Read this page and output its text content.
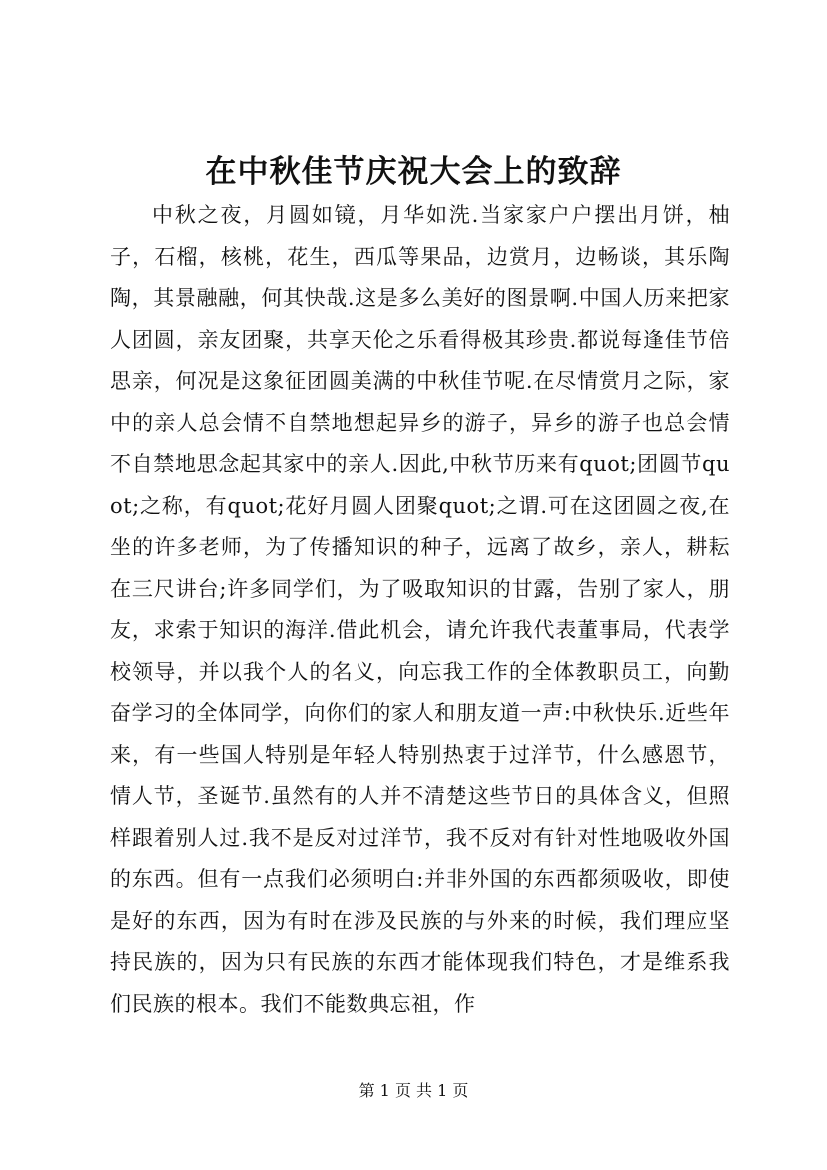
在中秋佳节庆祝大会上的致辞

中秋之夜，月圆如镜，月华如洗.当家家户户摆出月饼，柚子，石榴，核桃，花生，西瓜等果品，边赏月，边畅谈，其乐陶陶，其景融融，何其快哉.这是多么美好的图景啊.中国人历来把家人团圆，亲友团聚，共享天伦之乐看得极其珍贵.都说每逢佳节倍思亲，何况是这象征团圆美满的中秋佳节呢.在尽情赏月之际，家中的亲人总会情不自禁地想起异乡的游子，异乡的游子也总会情不自禁地思念起其家中的亲人.因此,中秋节历来有quot;团圆节quot;之称，有quot;花好月圆人团聚quot;之谓.可在这团圆之夜,在坐的许多老师，为了传播知识的种子，远离了故乡，亲人，耕耘在三尺讲台;许多同学们，为了吸取知识的甘露，告别了家人，朋友，求索于知识的海洋.借此机会，请允许我代表董事局，代表学校领导，并以我个人的名义，向忘我工作的全体教职员工，向勤奋学习的全体同学，向你们的家人和朋友道一声:中秋快乐.近些年来，有一些国人特别是年轻人特别热衷于过洋节，什么感恩节，情人节，圣诞节.虽然有的人并不清楚这些节日的具体含义，但照样跟着别人过.我不是反对过洋节，我不反对有针对性地吸收外国的东西。但有一点我们必须明白:并非外国的东西都须吸收，即使是好的东西，因为有时在涉及民族的与外来的时候，我们理应坚持民族的，因为只有民族的东西才能体现我们特色，才是维系我们民族的根本。我们不能数典忘祖，作

第 1 页 共 1 页
